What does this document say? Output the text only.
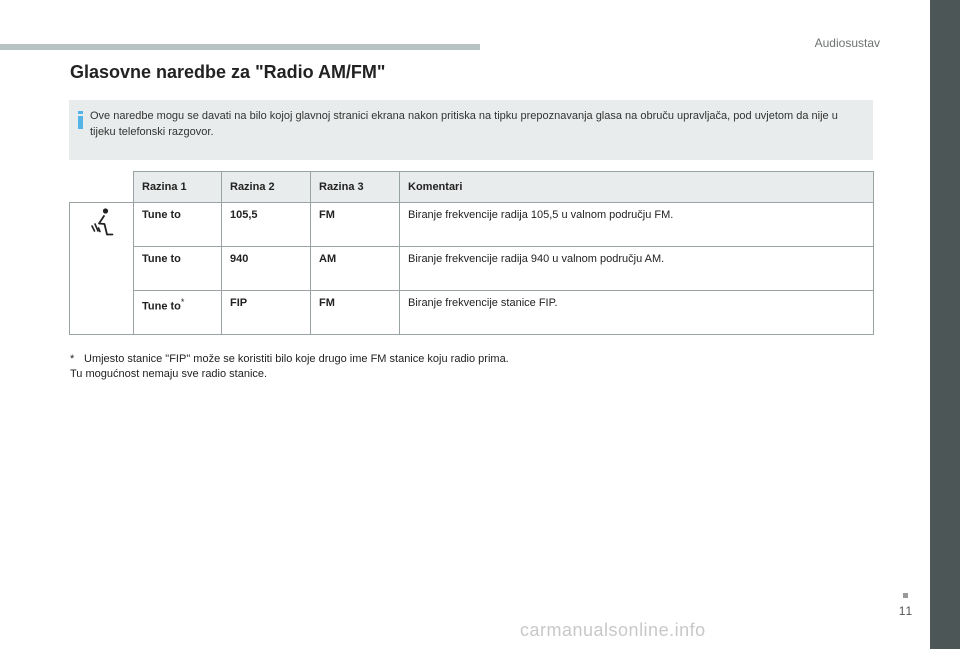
Audiosustav
Glasovne naredbe za "Radio AM/FM"
Ove naredbe mogu se davati na bilo kojoj glavnoj stranici ekrana nakon pritiska na tipku prepoznavanja glasa na obruču upravljača, pod uvjetom da nije u tijeku telefonski razgovor.
	Razina 1	Razina 2	Razina 3	Komentari
	Tune to	105,5	FM	Biranje frekvencije radija 105,5 u valnom području FM.
	Tune to	940	AM	Biranje frekvencije radija 940 u valnom području AM.
	Tune to*	FIP	FM	Biranje frekvencije stanice FIP.
* Umjesto stanice "FIP" može se koristiti bilo koje drugo ime FM stanice koju radio prima.
Tu mogućnost nemaju sve radio stanice.
11
carmanualsonline.info
